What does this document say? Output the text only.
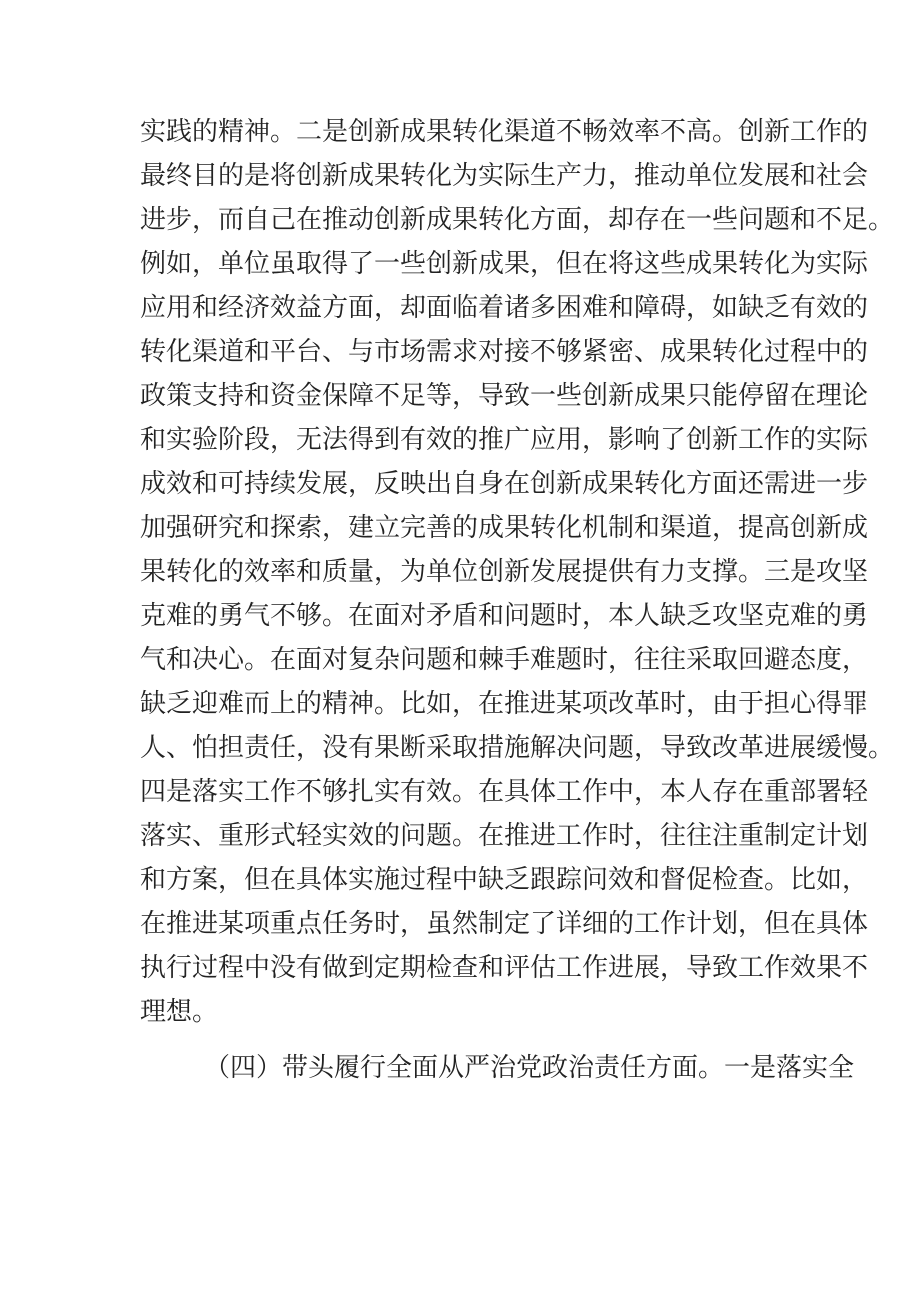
实践的精神。二是创新成果转化渠道不畅效率不高。创新工作的
最终目的是将创新成果转化为实际生产力，推动单位发展和社会
进步，而自己在推动创新成果转化方面，却存在一些问题和不足。
例如，单位虽取得了一些创新成果，但在将这些成果转化为实际
应用和经济效益方面，却面临着诸多困难和障碍，如缺乏有效的
转化渠道和平台、与市场需求对接不够紧密、成果转化过程中的
政策支持和资金保障不足等，导致一些创新成果只能停留在理论
和实验阶段，无法得到有效的推广应用，影响了创新工作的实际
成效和可持续发展，反映出自身在创新成果转化方面还需进一步
加强研究和探索，建立完善的成果转化机制和渠道，提高创新成
果转化的效率和质量，为单位创新发展提供有力支撑。三是攻坚
克难的勇气不够。在面对矛盾和问题时，本人缺乏攻坚克难的勇
气和决心。在面对复杂问题和棘手难题时，往往采取回避态度，
缺乏迎难而上的精神。比如，在推进某项改革时，由于担心得罪
人、怕担责任，没有果断采取措施解决问题，导致改革进展缓慢。
四是落实工作不够扎实有效。在具体工作中，本人存在重部署轻
落实、重形式轻实效的问题。在推进工作时，往往注重制定计划
和方案，但在具体实施过程中缺乏跟踪问效和督促检查。比如，
在推进某项重点任务时，虽然制定了详细的工作计划，但在具体
执行过程中没有做到定期检查和评估工作进展，导致工作效果不
理想。
（四）带头履行全面从严治党政治责任方面。一是落实全
